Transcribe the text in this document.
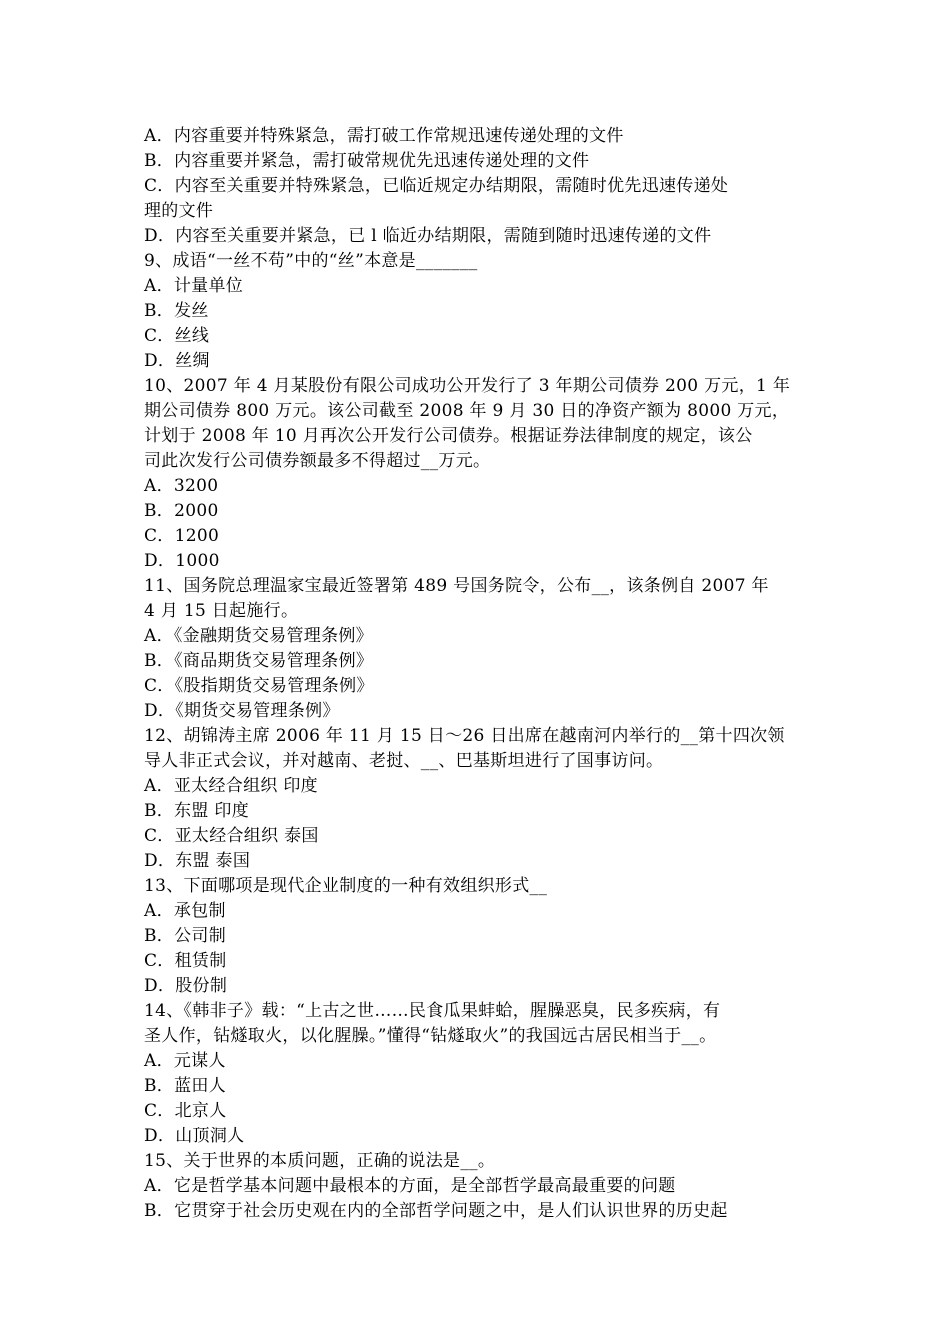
A．内容重要并特殊紧急，需打破工作常规迅速传递处理的文件
B．内容重要并紧急，需打破常规优先迅速传递处理的文件
C．内容至关重要并特殊紧急，已临近规定办结期限，需随时优先迅速传递处
理的文件
D．内容至关重要并紧急，已 l 临近办结期限，需随到随时迅速传递的文件
9、成语“一丝不苟”中的“丝”本意是_______
A．计量单位
B．发丝
C．丝线
D．丝绸
10、2007 年 4 月某股份有限公司成功公开发行了 3 年期公司债券 200 万元，1 年
期公司债券 800 万元。该公司截至 2008 年 9 月 30 日的净资产额为 8000 万元，
计划于 2008 年 10 月再次公开发行公司债券。根据证券法律制度的规定，该公
司此次发行公司债券额最多不得超过__万元。
A．3200
B．2000
C．1200
D．1000
11、国务院总理温家宝最近签署第 489 号国务院令，公布__，该条例自 2007 年
4 月 15 日起施行。
A．《金融期货交易管理条例》
B．《商品期货交易管理条例》
C．《股指期货交易管理条例》
D．《期货交易管理条例》
12、胡锦涛主席 2006 年 11 月 15 日～26 日出席在越南河内举行的__第十四次领
导人非正式会议，并对越南、老挝、__、巴基斯坦进行了国事访问。
A．亚太经合组织 印度
B．东盟 印度
C．亚太经合组织 泰国
D．东盟 泰国
13、下面哪项是现代企业制度的一种有效组织形式__
A．承包制
B．公司制
C．租赁制
D．股份制
14、《韩非子》载：“上古之世……民食瓜果蚌蛤，腥臊恶臭，民多疾病，有
圣人作，钻燧取火，以化腥臊。”懂得“钻燧取火”的我国远古居民相当于__。
A．元谋人
B．蓝田人
C．北京人
D．山顶洞人
15、关于世界的本质问题，正确的说法是__。
A．它是哲学基本问题中最根本的方面，是全部哲学最高最重要的问题
B．它贯穿于社会历史观在内的全部哲学问题之中，是人们认识世界的历史起
